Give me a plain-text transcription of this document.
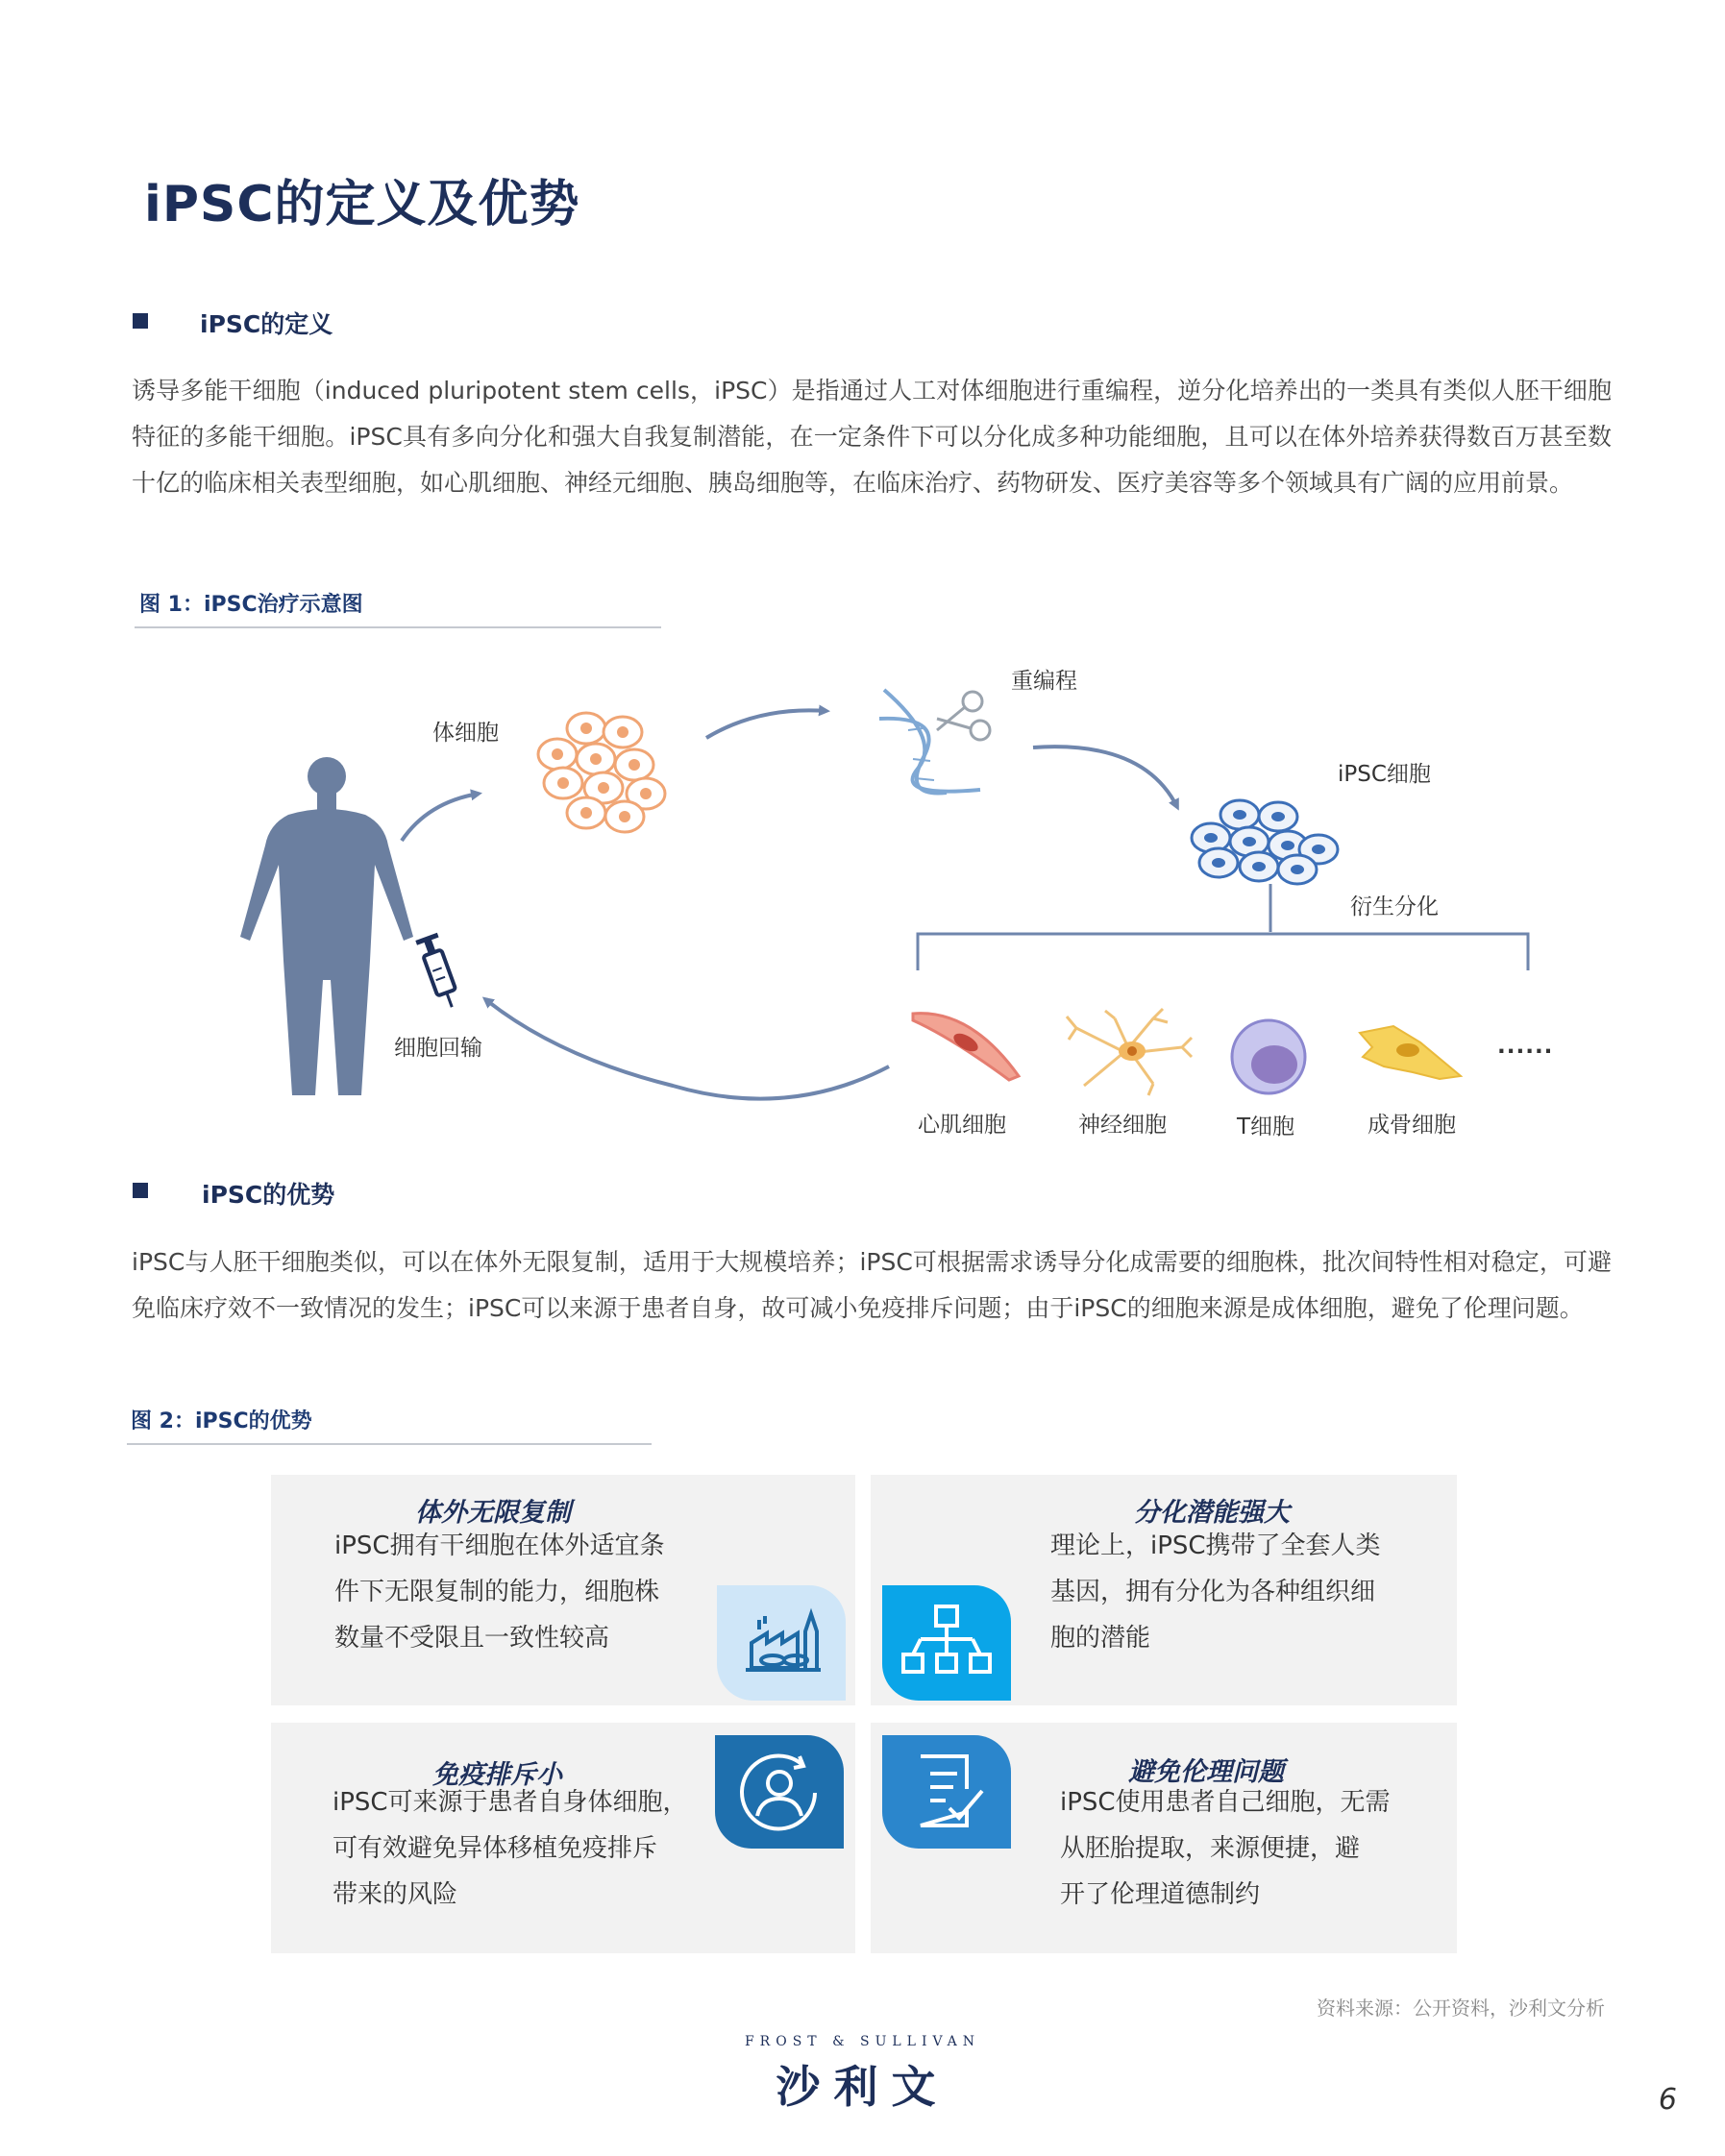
iPSC的定义及优势
iPSC的定义
诱导多能干细胞（induced pluripotent stem cells，iPSC）是指通过人工对体细胞进行重编程，逆分化培养出的一类具有类似人胚干细胞特征的多能干细胞。iPSC具有多向分化和强大自我复制潜能，在一定条件下可以分化成多种功能细胞，且可以在体外培养获得数百万甚至数十亿的临床相关表型细胞，如心肌细胞、神经元细胞、胰岛细胞等，在临床治疗、药物研发、医疗美容等多个领域具有广阔的应用前景。
图 1：iPSC治疗示意图
体细胞
重编程
iPSC细胞
衍生分化
细胞回输
心肌细胞	神经细胞	T细胞	成骨细胞
......
iPSC的优势
iPSC与人胚干细胞类似，可以在体外无限复制，适用于大规模培养；iPSC可根据需求诱导分化成需要的细胞株，批次间特性相对稳定，可避免临床疗效不一致情况的发生；iPSC可以来源于患者自身，故可减小免疫排斥问题；由于iPSC的细胞来源是成体细胞，避免了伦理问题。
图 2：iPSC的优势
体外无限复制
iPSC拥有干细胞在体外适宜条
件下无限复制的能力，细胞株
数量不受限且一致性较高
分化潜能强大
理论上，iPSC携带了全套人类
基因，拥有分化为各种组织细
胞的潜能
免疫排斥小
iPSC可来源于患者自身体细胞，
可有效避免异体移植免疫排斥
带来的风险
避免伦理问题
iPSC使用患者自己细胞，无需
从胚胎提取，来源便捷，避
开了伦理道德制约
资料来源：公开资料，沙利文分析
FROST & SULLIVAN
沙利文	6
